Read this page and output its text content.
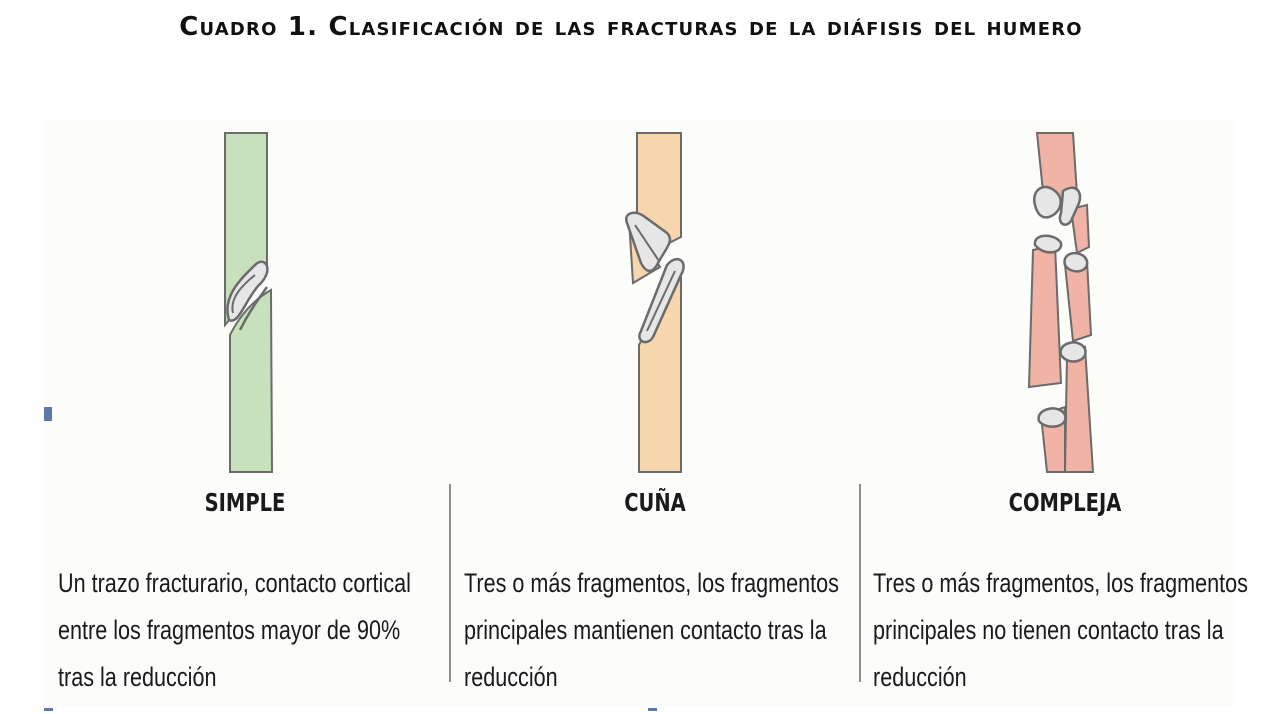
Cuadro 1. Clasificación de las fracturas de la diáfisis del humero
SIMPLE
Un trazo fracturario, contacto cortical
entre los fragmentos mayor de 90%
tras la reducción
CUÑA
Tres o más fragmentos, los fragmentos
principales mantienen contacto tras la
reducción
COMPLEJA
Tres o más fragmentos, los fragmentos
principales no tienen contacto tras la
reducción
